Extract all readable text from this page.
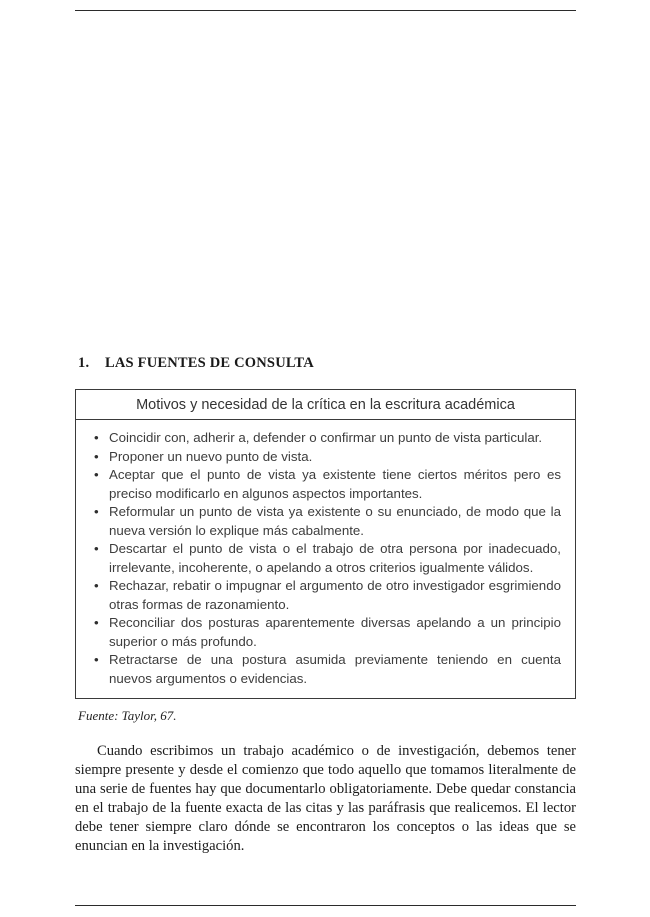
1. LAS FUENTES DE CONSULTA
Motivos y necesidad de la crítica en la escritura académica
• Coincidir con, adherir a, defender o confirmar un punto de vista particular.
• Proponer un nuevo punto de vista.
• Aceptar que el punto de vista ya existente tiene ciertos méritos pero es preciso modificarlo en algunos aspectos importantes.
• Reformular un punto de vista ya existente o su enunciado, de modo que la nueva versión lo explique más cabalmente.
• Descartar el punto de vista o el trabajo de otra persona por inadecuado, irrelevante, incoherente, o apelando a otros criterios igualmente válidos.
• Rechazar, rebatir o impugnar el argumento de otro investigador esgrimiendo otras formas de razonamiento.
• Reconciliar dos posturas aparentemente diversas apelando a un principio superior o más profundo.
• Retractarse de una postura asumida previamente teniendo en cuenta nuevos argumentos o evidencias.
Fuente: Taylor, 67.

Cuando escribimos un trabajo académico o de investigación, debemos tener siempre presente y desde el comienzo que todo aquello que tomamos literalmente de una serie de fuentes hay que documentarlo obligatoriamente. Debe quedar constancia en el trabajo de la fuente exacta de las citas y las paráfrasis que realicemos. El lector debe tener siempre claro dónde se encontraron los conceptos o las ideas que se enuncian en la investigación.
